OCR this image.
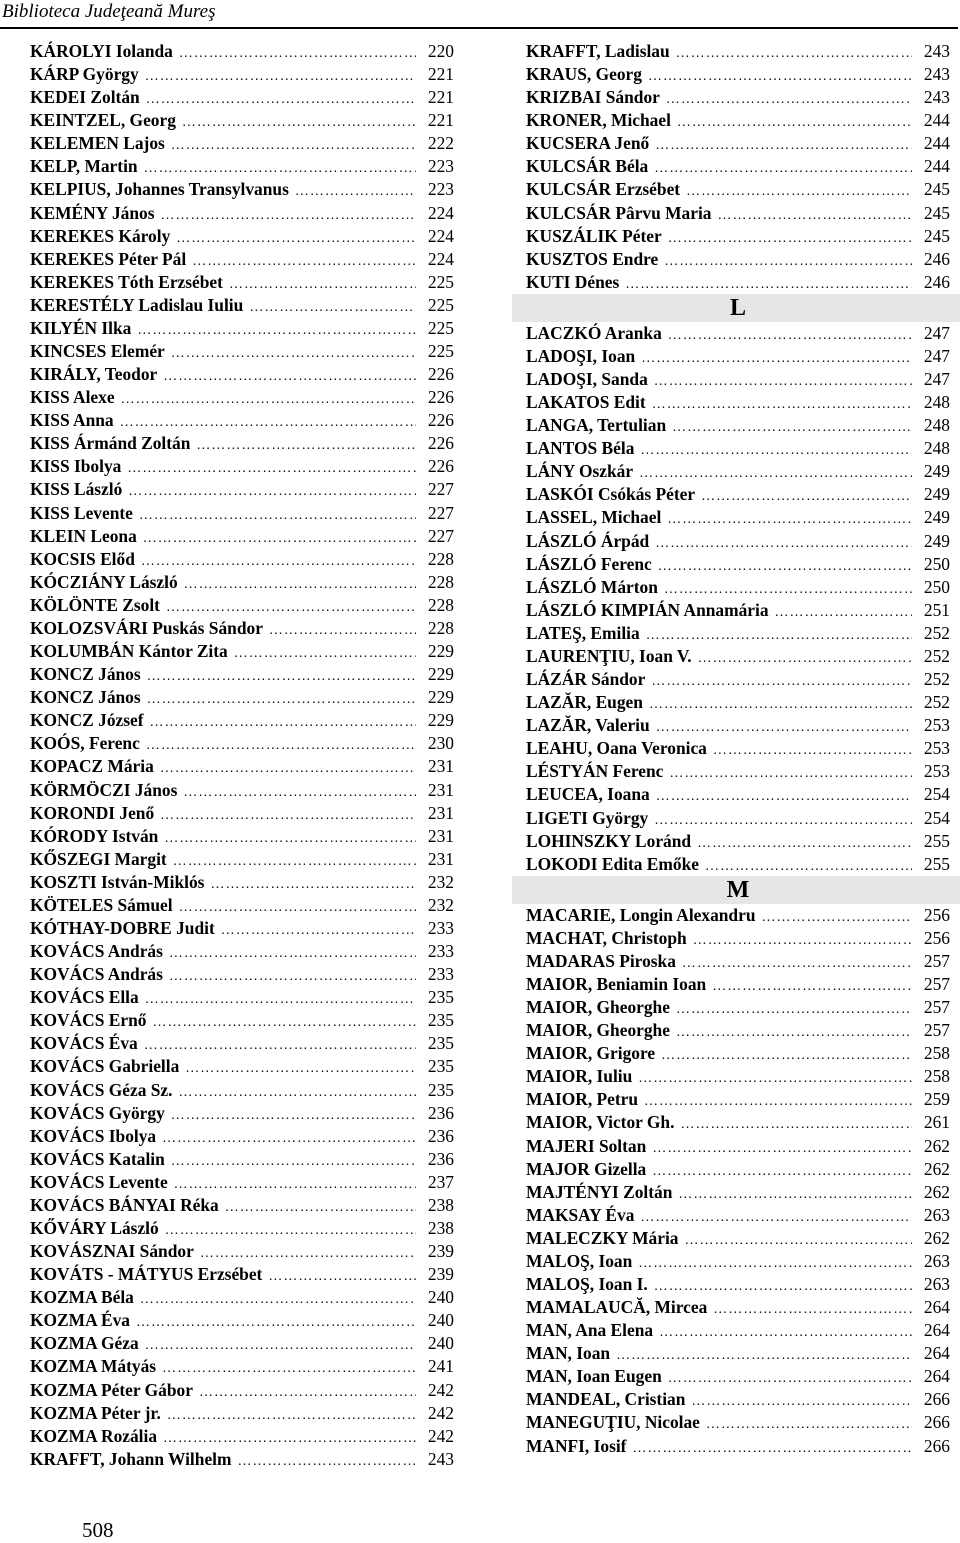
Biblioteca Judeţeană Mureş
KÁROLYI Iolanda …………………………………………………………………………………………………………	220
KÁRP György …………………………………………………………………………………………………………	221
KEDEI Zoltán …………………………………………………………………………………………………………	221
KEINTZEL, Georg …………………………………………………………………………………………………………	221
KELEMEN Lajos …………………………………………………………………………………………………………	222
KELP, Martin …………………………………………………………………………………………………………	223
KELPIUS, Johannes Transylvanus …………………………………………………………………………………………………………	223
KEMÉNY János …………………………………………………………………………………………………………	224
KEREKES Károly …………………………………………………………………………………………………………	224
KEREKES Péter Pál …………………………………………………………………………………………………………	224
KEREKES Tóth Erzsébet …………………………………………………………………………………………………………	225
KERESTÉLY Ladislau Iuliu …………………………………………………………………………………………………………	225
KILYÉN Ilka …………………………………………………………………………………………………………	225
KINCSES Elemér …………………………………………………………………………………………………………	225
KIRÁLY, Teodor …………………………………………………………………………………………………………	226
KISS Alexe …………………………………………………………………………………………………………	226
KISS Anna …………………………………………………………………………………………………………	226
KISS Ármánd Zoltán …………………………………………………………………………………………………………	226
KISS Ibolya …………………………………………………………………………………………………………	226
KISS László …………………………………………………………………………………………………………	227
KISS Levente …………………………………………………………………………………………………………	227
KLEIN Leona …………………………………………………………………………………………………………	227
KOCSIS Előd …………………………………………………………………………………………………………	228
KÓCZIÁNY László …………………………………………………………………………………………………………	228
KÖLÖNTE Zsolt …………………………………………………………………………………………………………	228
KOLOZSVÁRI Puskás Sándor …………………………………………………………………………………………………………	228
KOLUMBÁN Kántor Zita …………………………………………………………………………………………………………	229
KONCZ János …………………………………………………………………………………………………………	229
KONCZ János …………………………………………………………………………………………………………	229
KONCZ József …………………………………………………………………………………………………………	229
KOÓS, Ferenc …………………………………………………………………………………………………………	230
KOPACZ Mária …………………………………………………………………………………………………………	231
KÖRMÖCZI János …………………………………………………………………………………………………………	231
KORONDI Jenő …………………………………………………………………………………………………………	231
KÓRODY István …………………………………………………………………………………………………………	231
KŐSZEGI Margit …………………………………………………………………………………………………………	231
KOSZTI István-Miklós …………………………………………………………………………………………………………	232
KÖTELES Sámuel …………………………………………………………………………………………………………	232
KÓTHAY-DOBRE Judit …………………………………………………………………………………………………………	233
KOVÁCS András …………………………………………………………………………………………………………	233
KOVÁCS András …………………………………………………………………………………………………………	233
KOVÁCS Ella …………………………………………………………………………………………………………	235
KOVÁCS Ernő …………………………………………………………………………………………………………	235
KOVÁCS Éva …………………………………………………………………………………………………………	235
KOVÁCS Gabriella …………………………………………………………………………………………………………	235
KOVÁCS Géza Sz. …………………………………………………………………………………………………………	235
KOVÁCS György …………………………………………………………………………………………………………	236
KOVÁCS Ibolya …………………………………………………………………………………………………………	236
KOVÁCS Katalin …………………………………………………………………………………………………………	236
KOVÁCS Levente …………………………………………………………………………………………………………	237
KOVÁCS BÁNYAI Réka …………………………………………………………………………………………………………	238
KŐVÁRY László …………………………………………………………………………………………………………	238
KOVÁSZNAI Sándor …………………………………………………………………………………………………………	239
KOVÁTS - MÁTYUS Erzsébet …………………………………………………………………………………………………………	239
KOZMA Béla …………………………………………………………………………………………………………	240
KOZMA Éva …………………………………………………………………………………………………………	240
KOZMA Géza …………………………………………………………………………………………………………	240
KOZMA Mátyás …………………………………………………………………………………………………………	241
KOZMA Péter Gábor …………………………………………………………………………………………………………	242
KOZMA Péter jr. …………………………………………………………………………………………………………	242
KOZMA Rozália …………………………………………………………………………………………………………	242
KRAFFT, Johann Wilhelm …………………………………………………………………………………………………………	243
KRAFFT, Ladislau …………………………………………………………………………………………………………	243
KRAUS, Georg …………………………………………………………………………………………………………	243
KRIZBAI Sándor …………………………………………………………………………………………………………	243
KRONER, Michael …………………………………………………………………………………………………………	244
KUCSERA Jenő …………………………………………………………………………………………………………	244
KULCSÁR Béla …………………………………………………………………………………………………………	244
KULCSÁR Erzsébet …………………………………………………………………………………………………………	245
KULCSÁR Pârvu Maria …………………………………………………………………………………………………………	245
KUSZÁLIK Péter …………………………………………………………………………………………………………	245
KUSZTOS Endre …………………………………………………………………………………………………………	246
KUTI Dénes …………………………………………………………………………………………………………	246
L
LACZKÓ Aranka …………………………………………………………………………………………………………	247
LADOŞI, Ioan …………………………………………………………………………………………………………	247
LADOŞI, Sanda …………………………………………………………………………………………………………	247
LAKATOS Edit …………………………………………………………………………………………………………	248
LANGA, Tertulian …………………………………………………………………………………………………………	248
LANTOS Béla …………………………………………………………………………………………………………	248
LÁNY Oszkár …………………………………………………………………………………………………………	249
LASKÓI Csókás Péter …………………………………………………………………………………………………………	249
LASSEL, Michael …………………………………………………………………………………………………………	249
LÁSZLÓ Árpád …………………………………………………………………………………………………………	249
LÁSZLÓ Ferenc …………………………………………………………………………………………………………	250
LÁSZLÓ Márton …………………………………………………………………………………………………………	250
LÁSZLÓ KIMPIÁN Annamária …………………………………………………………………………………………………………	251
LATEŞ, Emilia …………………………………………………………………………………………………………	252
LAURENŢIU, Ioan V. …………………………………………………………………………………………………………	252
LÁZÁR Sándor …………………………………………………………………………………………………………	252
LAZĂR, Eugen …………………………………………………………………………………………………………	252
LAZĂR, Valeriu …………………………………………………………………………………………………………	253
LEAHU, Oana Veronica …………………………………………………………………………………………………………	253
LÉSTYÁN Ferenc …………………………………………………………………………………………………………	253
LEUCEA, Ioana …………………………………………………………………………………………………………	254
LIGETI György …………………………………………………………………………………………………………	254
LOHINSZKY Loránd …………………………………………………………………………………………………………	255
LOKODI Edita Emőke …………………………………………………………………………………………………………	255
M
MACARIE, Longin Alexandru …………………………………………………………………………………………………………	256
MACHAT, Christoph …………………………………………………………………………………………………………	256
MADARAS Piroska …………………………………………………………………………………………………………	257
MAIOR, Beniamin Ioan …………………………………………………………………………………………………………	257
MAIOR, Gheorghe …………………………………………………………………………………………………………	257
MAIOR, Gheorghe …………………………………………………………………………………………………………	257
MAIOR, Grigore …………………………………………………………………………………………………………	258
MAIOR, Iuliu …………………………………………………………………………………………………………	258
MAIOR, Petru …………………………………………………………………………………………………………	259
MAIOR, Victor Gh. …………………………………………………………………………………………………………	261
MAJERI Soltan …………………………………………………………………………………………………………	262
MAJOR Gizella …………………………………………………………………………………………………………	262
MAJTÉNYI Zoltán …………………………………………………………………………………………………………	262
MAKSAY Éva …………………………………………………………………………………………………………	263
MALECZKY Mária …………………………………………………………………………………………………………	262
MALOŞ, Ioan …………………………………………………………………………………………………………	263
MALOŞ, Ioan I. …………………………………………………………………………………………………………	263
MAMALAUCĂ, Mircea …………………………………………………………………………………………………………	264
MAN, Ana Elena …………………………………………………………………………………………………………	264
MAN, Ioan …………………………………………………………………………………………………………	264
MAN, Ioan Eugen …………………………………………………………………………………………………………	264
MANDEAL, Cristian …………………………………………………………………………………………………………	266
MANEGUŢIU, Nicolae …………………………………………………………………………………………………………	266
MANFI, Iosif …………………………………………………………………………………………………………	266
508
